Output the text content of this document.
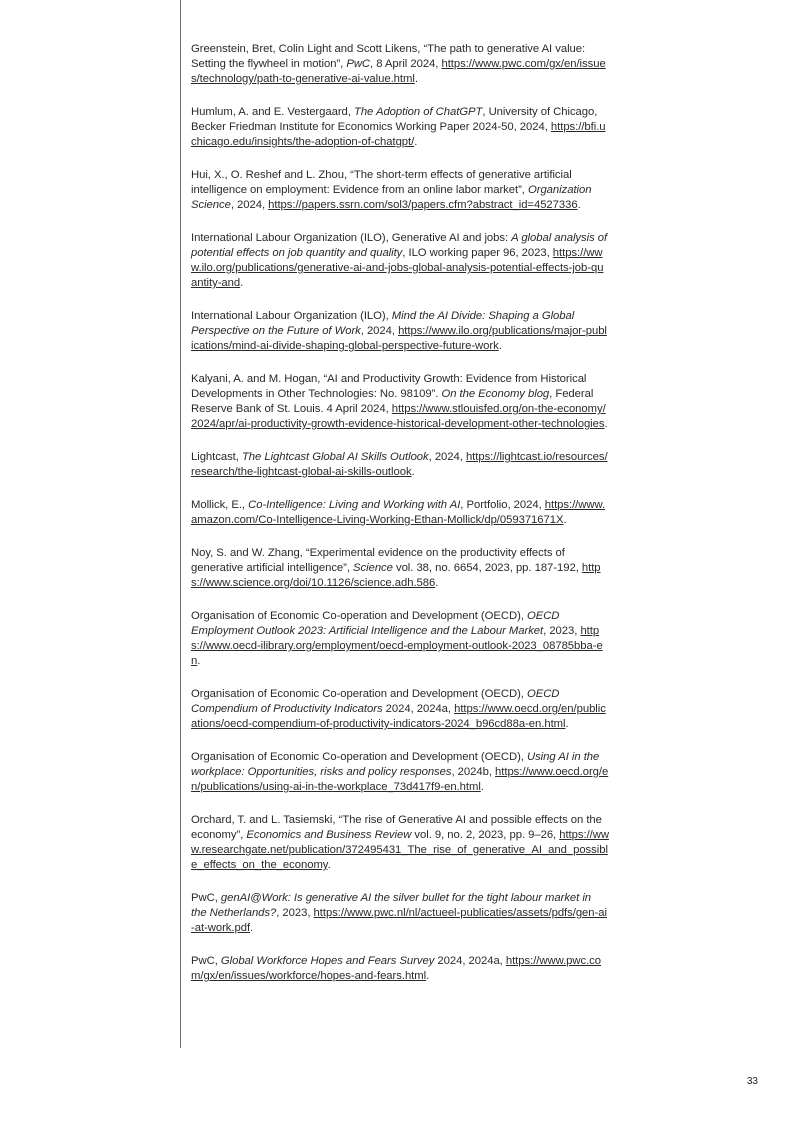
Greenstein, Bret, Colin Light and Scott Likens, “The path to generative AI value: Setting the flywheel in motion”, PwC, 8 April 2024, https://www.pwc.com/gx/en/issues/technology/path-to-generative-ai-value.html.

Humlum, A. and E. Vestergaard, The Adoption of ChatGPT, University of Chicago, Becker Friedman Institute for Economics Working Paper 2024-50, 2024, https://bfi.uchicago.edu/insights/the-adoption-of-chatgpt/.

Hui, X., O. Reshef and L. Zhou, “The short-term effects of generative artificial intelligence on employment: Evidence from an online labor market”, Organization Science, 2024, https://papers.ssrn.com/sol3/papers.cfm?abstract_id=4527336.

International Labour Organization (ILO), Generative AI and jobs: A global analysis of potential effects on job quantity and quality, ILO working paper 96, 2023, https://www.ilo.org/publications/generative-ai-and-jobs-global-analysis-potential-effects-job-quantity-and.

International Labour Organization (ILO), Mind the AI Divide: Shaping a Global Perspective on the Future of Work, 2024, https://www.ilo.org/publications/major-publications/mind-ai-divide-shaping-global-perspective-future-work.

Kalyani, A. and M. Hogan, “AI and Productivity Growth: Evidence from Historical Developments in Other Technologies: No. 98109”. On the Economy blog, Federal Reserve Bank of St. Louis. 4 April 2024, https://www.stlouisfed.org/on-the-economy/2024/apr/ai-productivity-growth-evidence-historical-development-other-technologies.

Lightcast, The Lightcast Global AI Skills Outlook, 2024, https://lightcast.io/resources/research/the-lightcast-global-ai-skills-outlook.

Mollick, E., Co-Intelligence: Living and Working with AI, Portfolio, 2024, https://www.amazon.com/Co-Intelligence-Living-Working-Ethan-Mollick/dp/059371671X.

Noy, S. and W. Zhang, “Experimental evidence on the productivity effects of generative artificial intelligence”, Science vol. 38, no. 6654, 2023, pp. 187-192, https://www.science.org/doi/10.1126/science.adh.586.

Organisation of Economic Co-operation and Development (OECD), OECD Employment Outlook 2023: Artificial Intelligence and the Labour Market, 2023, https://www.oecd-ilibrary.org/employment/oecd-employment-outlook-2023_08785bba-en.

Organisation of Economic Co-operation and Development (OECD), OECD Compendium of Productivity Indicators 2024, 2024a, https://www.oecd.org/en/publications/oecd-compendium-of-productivity-indicators-2024_b96cd88a-en.html.

Organisation of Economic Co-operation and Development (OECD), Using AI in the workplace: Opportunities, risks and policy responses, 2024b, https://www.oecd.org/en/publications/using-ai-in-the-workplace_73d417f9-en.html.

Orchard, T. and L. Tasiemski, “The rise of Generative AI and possible effects on the economy”, Economics and Business Review vol. 9, no. 2, 2023, pp. 9–26, https://www.researchgate.net/publication/372495431_The_rise_of_generative_AI_and_possible_effects_on_the_economy.

PwC, genAI@Work: Is generative AI the silver bullet for the tight labour market in the Netherlands?, 2023, https://www.pwc.nl/nl/actueel-publicaties/assets/pdfs/gen-ai-at-work.pdf.

PwC, Global Workforce Hopes and Fears Survey 2024, 2024a, https://www.pwc.com/gx/en/issues/workforce/hopes-and-fears.html.

33
